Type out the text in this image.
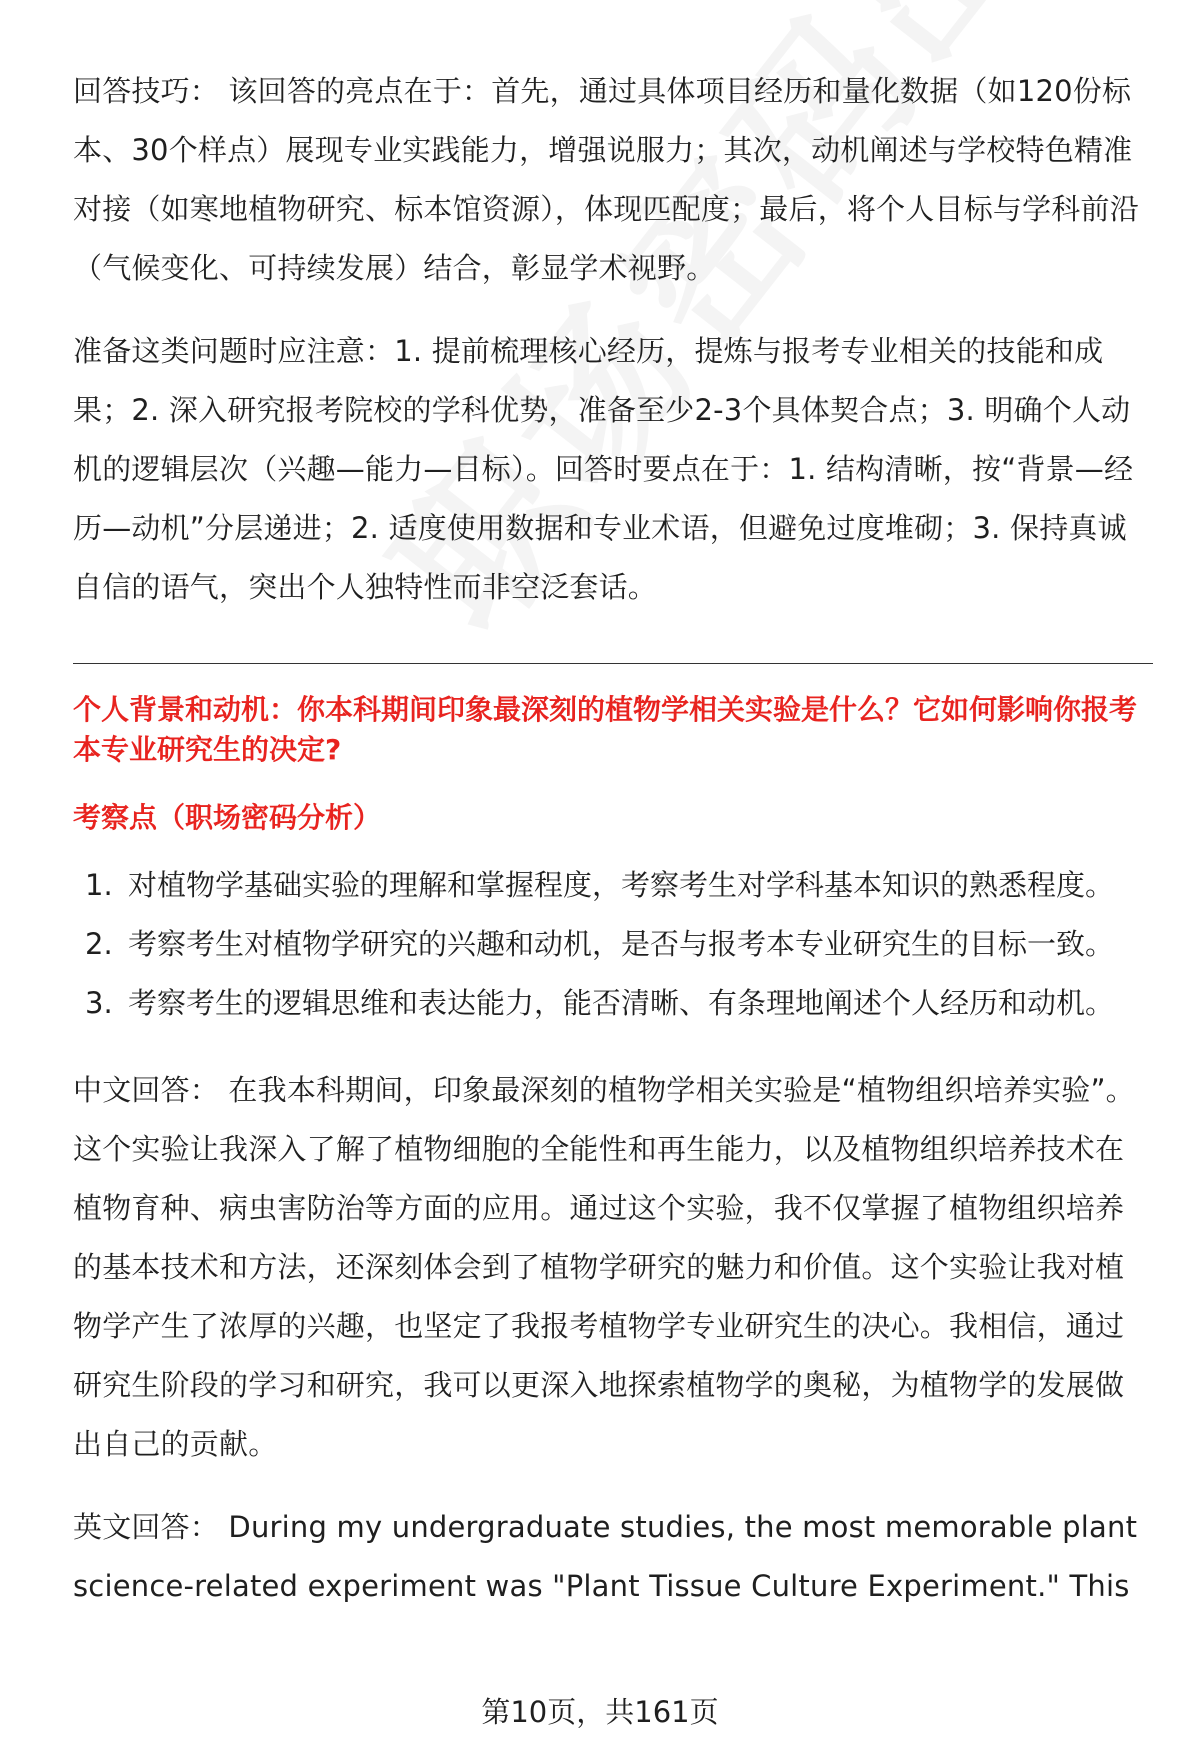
回答技巧： 该回答的亮点在于：首先，通过具体项目经历和量化数据（如120份标本、30个样点）展现专业实践能力，增强说服力；其次，动机阐述与学校特色精准对接（如寒地植物研究、标本馆资源），体现匹配度；最后，将个人目标与学科前沿（气候变化、可持续发展）结合，彰显学术视野。

准备这类问题时应注意：1. 提前梳理核心经历，提炼与报考专业相关的技能和成果；2. 深入研究报考院校的学科优势，准备至少2-3个具体契合点；3. 明确个人动机的逻辑层次（兴趣—能力—目标）。回答时要点在于：1. 结构清晰，按“背景—经历—动机”分层递进；2. 适度使用数据和专业术语，但避免过度堆砌；3. 保持真诚自信的语气，突出个人独特性而非空泛套话。

个人背景和动机：你本科期间印象最深刻的植物学相关实验是什么？它如何影响你报考本专业研究生的决定?

考察点（职场密码分析）

1. 对植物学基础实验的理解和掌握程度，考察考生对学科基本知识的熟悉程度。
2. 考察考生对植物学研究的兴趣和动机，是否与报考本专业研究生的目标一致。
3. 考察考生的逻辑思维和表达能力，能否清晰、有条理地阐述个人经历和动机。

中文回答： 在我本科期间，印象最深刻的植物学相关实验是“植物组织培养实验”。这个实验让我深入了解了植物细胞的全能性和再生能力，以及植物组织培养技术在植物育种、病虫害防治等方面的应用。通过这个实验，我不仅掌握了植物组织培养的基本技术和方法，还深刻体会到了植物学研究的魅力和价值。这个实验让我对植物学产生了浓厚的兴趣，也坚定了我报考植物学专业研究生的决心。我相信，通过研究生阶段的学习和研究，我可以更深入地探索植物学的奥秘，为植物学的发展做出自己的贡献。

英文回答： During my undergraduate studies, the most memorable plant science-related experiment was "Plant Tissue Culture Experiment." This

第10页，共161页
